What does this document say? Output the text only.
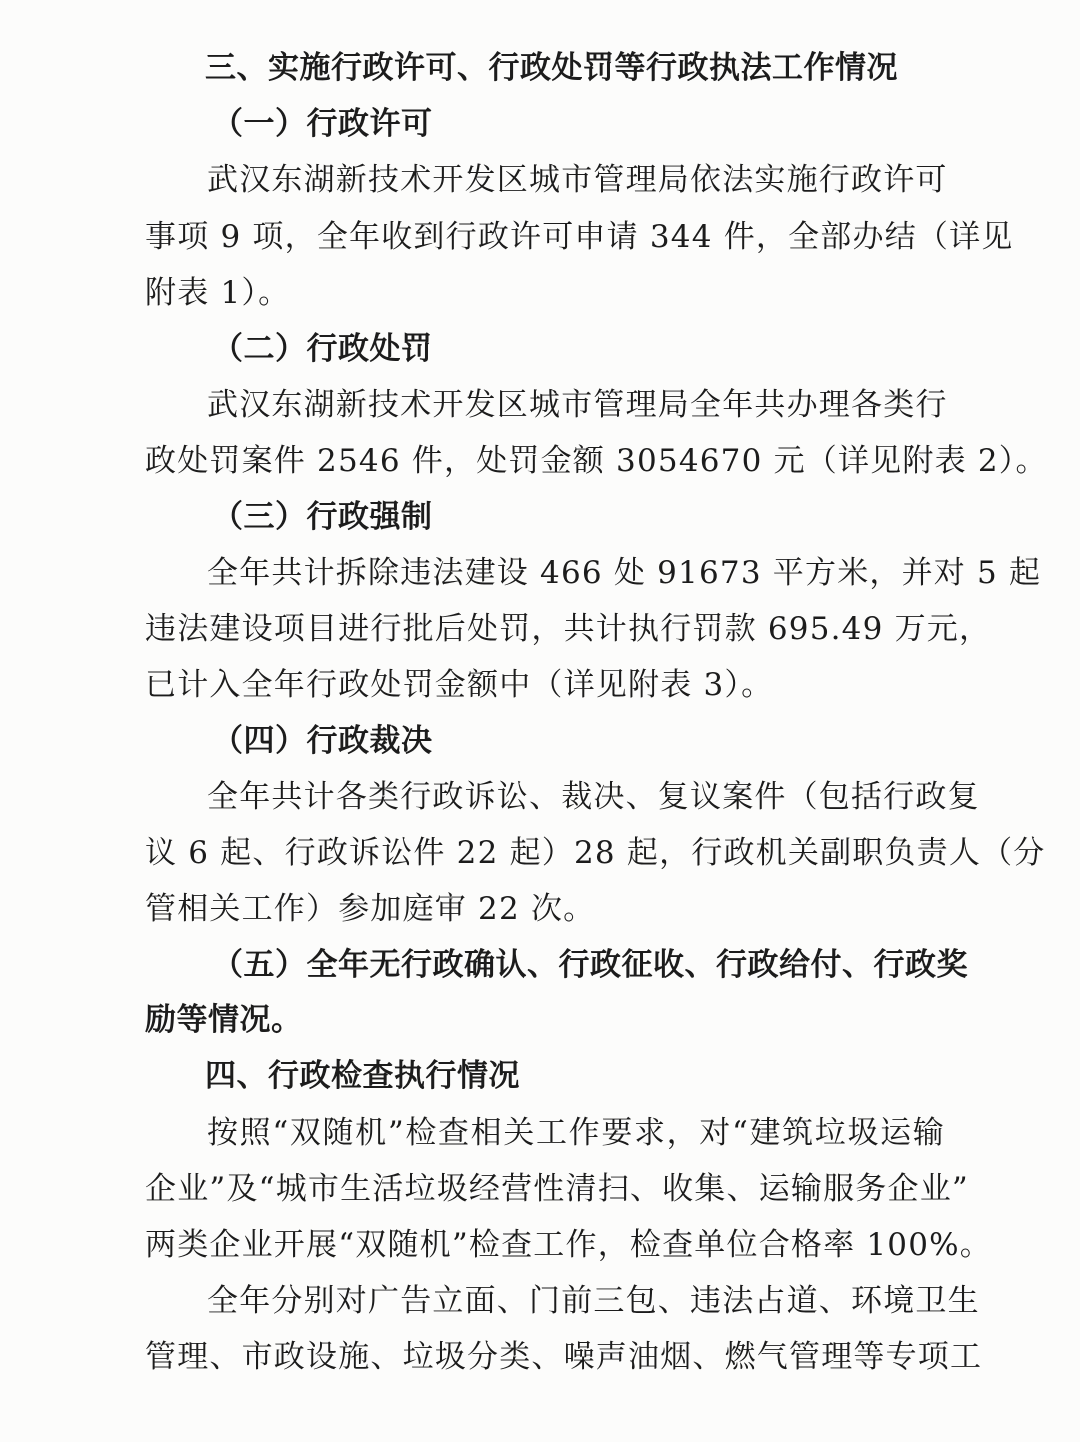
三、实施行政许可、行政处罚等行政执法工作情况
（一）行政许可
武汉东湖新技术开发区城市管理局依法实施行政许可
事项 9 项，全年收到行政许可申请 344 件，全部办结（详见
附表 1）。
（二）行政处罚
武汉东湖新技术开发区城市管理局全年共办理各类行
政处罚案件 2546 件，处罚金额 3054670 元（详见附表 2）。
（三）行政强制
全年共计拆除违法建设 466 处 91673 平方米，并对 5 起
违法建设项目进行批后处罚，共计执行罚款 695.49 万元，
已计入全年行政处罚金额中（详见附表 3）。
（四）行政裁决
全年共计各类行政诉讼、裁决、复议案件（包括行政复
议 6 起、行政诉讼件 22 起）28 起，行政机关副职负责人（分
管相关工作）参加庭审 22 次。
（五）全年无行政确认、行政征收、行政给付、行政奖
励等情况。
四、行政检查执行情况
按照“双随机”检查相关工作要求，对“建筑垃圾运输
企业”及“城市生活垃圾经营性清扫、收集、运输服务企业”
两类企业开展“双随机”检查工作，检查单位合格率 100%。
全年分别对广告立面、门前三包、违法占道、环境卫生
管理、市政设施、垃圾分类、噪声油烟、燃气管理等专项工
